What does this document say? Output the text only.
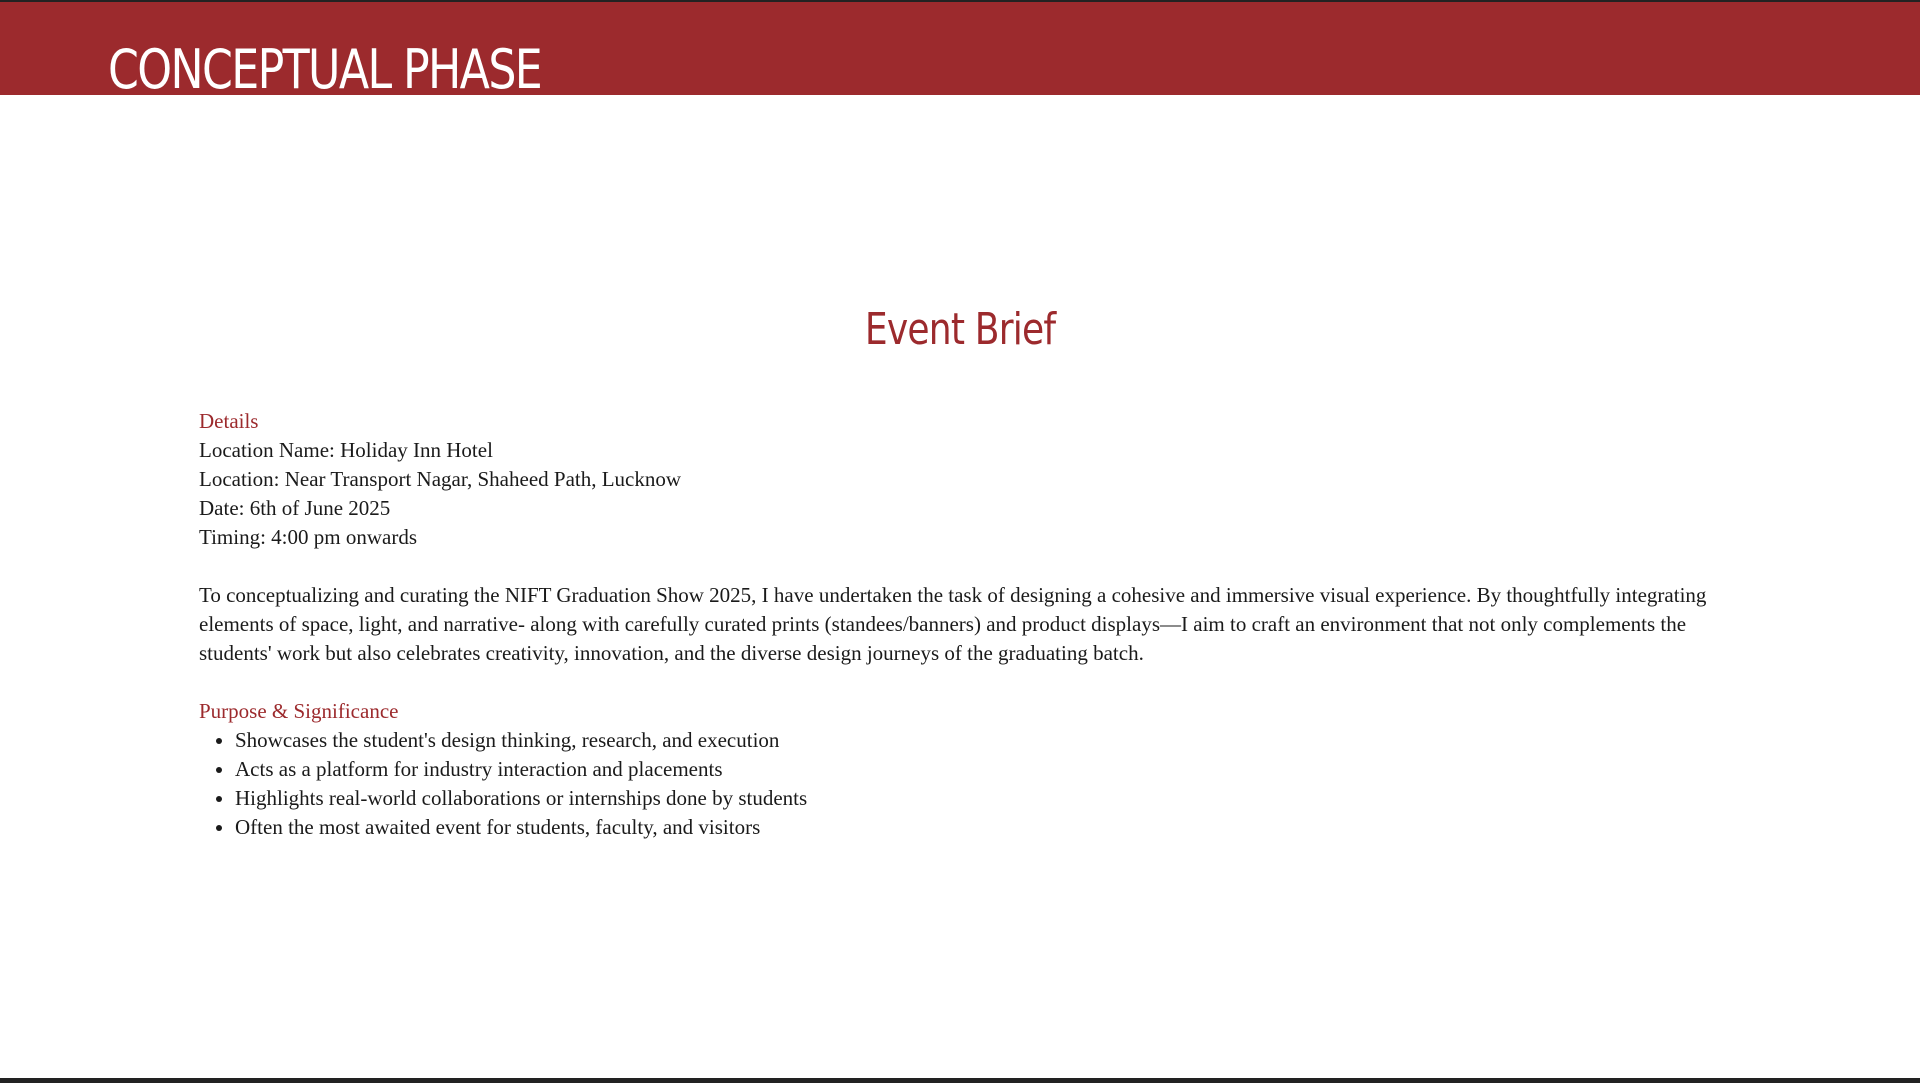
CONCEPTUAL PHASE
Event Brief

Details

Location Name: Holiday Inn Hotel

Location: Near Transport Nagar, Shaheed Path, Lucknow

Date: 6th of June 2025

Timing: 4:00 pm onwards

To conceptualizing and curating the NIFT Graduation Show 2025, I have undertaken the task of designing a cohesive and immersive visual experience. By thoughtfully integrating elements of space, light, and narrative- along with carefully curated prints (standees/banners) and product displays—I aim to craft an environment that not only complements the students' work but also celebrates creativity, innovation, and the diverse design journeys of the graduating batch.

Purpose & Significance

• Showcases the student's design thinking, research, and execution
• Acts as a platform for industry interaction and placements
• Highlights real-world collaborations or internships done by students
• Often the most awaited event for students, faculty, and visitors
